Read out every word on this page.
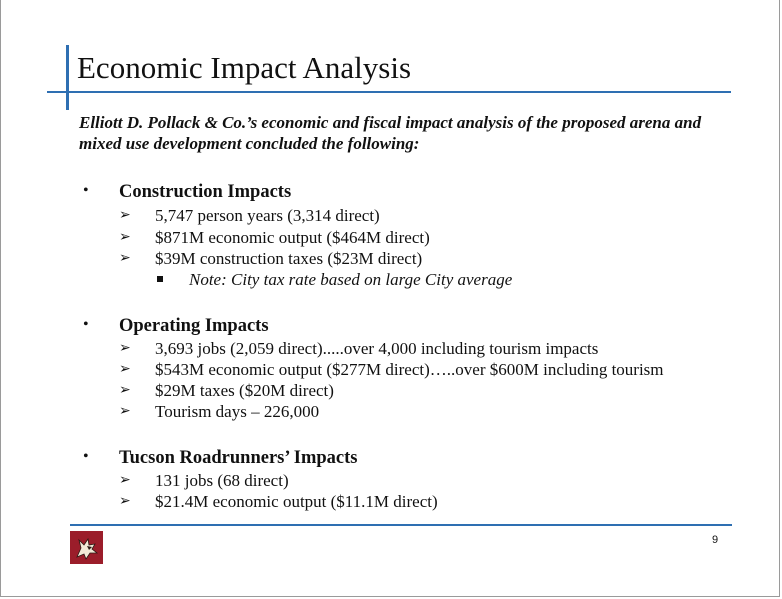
Economic Impact Analysis
Elliott D. Pollack & Co.’s economic and fiscal impact analysis of the proposed arena and mixed use development concluded the following:
• Construction Impacts
➢ 5,747 person years (3,314 direct)
➢ $871M economic output ($464M direct)
➢ $39M construction taxes ($23M direct)
Note: City tax rate based on large City average
• Operating Impacts
➢ 3,693 jobs (2,059 direct).....over 4,000 including tourism impacts
➢ $543M economic output ($277M direct)…..over $600M including tourism
➢ $29M taxes ($20M direct)
➢ Tourism days – 226,000
• Tucson Roadrunners’ Impacts
➢ 131 jobs (68 direct)
➢ $21.4M economic output ($11.1M direct)
9
